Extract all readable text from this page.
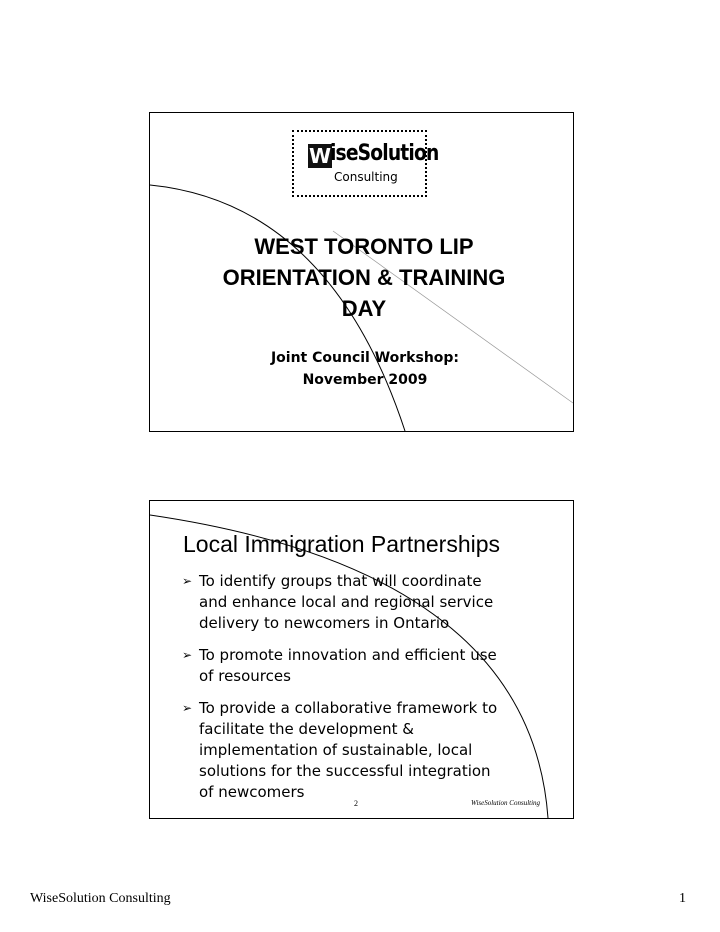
W
iseSolution
Consulting
WEST TORONTO LIP
ORIENTATION & TRAINING
DAY
Joint Council Workshop:
November 2009
Local Immigration Partnerships
➢ To identify groups that will coordinate
and enhance local and regional service
delivery to newcomers in Ontario
➢ To promote innovation and efficient use
of resources
➢ To provide a collaborative framework to
facilitate the development &
implementation of sustainable, local
solutions for the successful integration
of newcomers
2	WiseSolution Consulting
WiseSolution Consulting	1
